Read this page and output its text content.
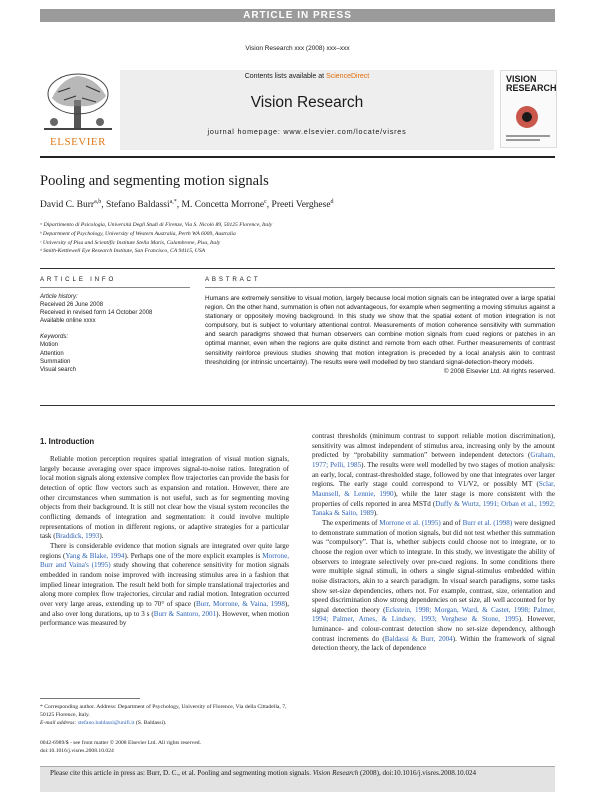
ARTICLE IN PRESS
Vision Research xxx (2008) xxx–xxx
ELSEVIER
Contents lists available at ScienceDirect
Vision Research
journal homepage: www.elsevier.com/locate/visres
VISION
RESEARCH
Pooling and segmenting motion signals
David C. Burr$^{a,b}$, Stefano Baldassi$^{a,*}$, M. Concetta Morrone$^c$, Preeti Verghese$^d$
ᵃ Dipartimento di Psicologia, Università Degli Studi di Firenze, Via S. Nicolò 89, 50125 Florence, Italy
ᵇ Department of Psychology, University of Western Australia, Perth WA 6009, Australia
ᶜ University of Pisa and Scientific Institute Stella Maris, Calambrone, Pisa, Italy
ᵈ Smith-Kettlewell Eye Research Institute, San Francisco, CA 94115, USA
ARTICLE INFO	ABSTRACT
Article history:
Received 26 June 2008
Received in revised form 14 October 2008
Available online xxxx
Keywords:
Motion
Attention
Summation
Visual search
Humans are extremely sensitive to visual motion, largely because local motion signals can be integrated over a large spatial region. On the other hand, summation is often not advantageous, for example when segmenting a moving stimulus against a stationary or oppositely moving background. In this study we show that the spatial extent of motion integration is not compulsory, but is subject to voluntary attentional control. Measurements of motion coherence sensitivity with summation and search paradigms showed that human observers can combine motion signals from cued regions or patches in an optimal manner, even when the regions are quite distinct and remote from each other. Further measurements of contrast sensitivity reinforce previous studies showing that motion integration is preceded by a local analysis akin to contrast thresholding (or intrinsic uncertainty). The results were well modelled by two standard signal-detection-theory models.
© 2008 Elsevier Ltd. All rights reserved.
1. Introduction

Reliable motion perception requires spatial integration of visual motion signals, largely because averaging over space improves signal-to-noise ratios. Integration of local motion signals along extensive complex flow trajectories can provide the basis for detection of optic flow vectors such as expansion and rotation. However, there are other circumstances when summation is not useful, such as for segmenting moving objects from their background. It is still not clear how the visual system reconciles the conflicting demands of integration and segmentation: it could involve multiple representations of motion in different regions, or adaptive strategies for a particular task (Braddick, 1993).

There is considerable evidence that motion signals are integrated over quite large regions (Yang & Blake, 1994). Perhaps one of the more explicit examples is Morrone, Burr and Vaina's (1995) study showing that coherence sensitivity for motion signals embedded in random noise improved with increasing stimulus area in a fashion that implied linear integration. The result held both for simple translational trajectories and along more complex flow trajectories, circular and radial motion. Integration occurred over very large areas, extending up to 70° of space (Burr, Morrone, & Vaina, 1998), and also over long durations, up to 3 s (Burr & Santoro, 2001). However, when motion performance was measured by

contrast thresholds (minimum contrast to support reliable motion discrimination), sensitivity was almost independent of stimulus area, increasing only by the amount predicted by “probability summation” between independent detectors (Graham, 1977; Pelli, 1985). The results were well modelled by two stages of motion analysis: an early, local, contrast-thresholded stage, followed by one that integrates over larger regions. The early stage could correspond to V1/V2, or possibly MT (Sclar, Maunsell, & Lennie, 1990), while the later stage is more consistent with the properties of cells reported in area MSTd (Duffy & Wurtz, 1991; Orban et al., 1992; Tanaka & Saito, 1989).

The experiments of Morrone et al. (1995) and of Burr et al. (1998) were designed to demonstrate summation of motion signals, but did not test whether this summation was “compulsory”. That is, whether subjects could choose not to integrate, or to choose the region over which to integrate. In this study, we investigate the ability of observers to integrate selectively over pre-cued regions. In some conditions there were multiple signal stimuli, in others a single signal-stimulus embedded within noise distractors, akin to a search paradigm. In visual search paradigms, some tasks show set-size dependencies, others not. For example, contrast, size, orientation and speed discrimination show strong dependencies on set size, all well accounted for by signal detection theory (Eckstein, 1998; Morgan, Ward, & Castet, 1998; Palmer, 1994; Palmer, Ames, & Lindsey, 1993; Verghese & Stone, 1995). However, luminance- and colour-contrast detection show no set-size dependency, although contrast increments do (Baldassi & Burr, 2004). Within the framework of signal detection theory, the lack of dependence

* Corresponding author. Address: Department of Psychology, University of Florence, Via della Cittadella, 7, 50125 Florence, Italy.
E-mail address: stefano.baldassi@unifi.it (S. Baldassi).
0042-6989/$ - see front matter © 2008 Elsevier Ltd. All rights reserved.
doi:10.1016/j.visres.2008.10.024
Please cite this article in press as: Burr, D. C., et al. Pooling and segmenting motion signals. Vision Research (2008), doi:10.1016/j.visres.2008.10.024
